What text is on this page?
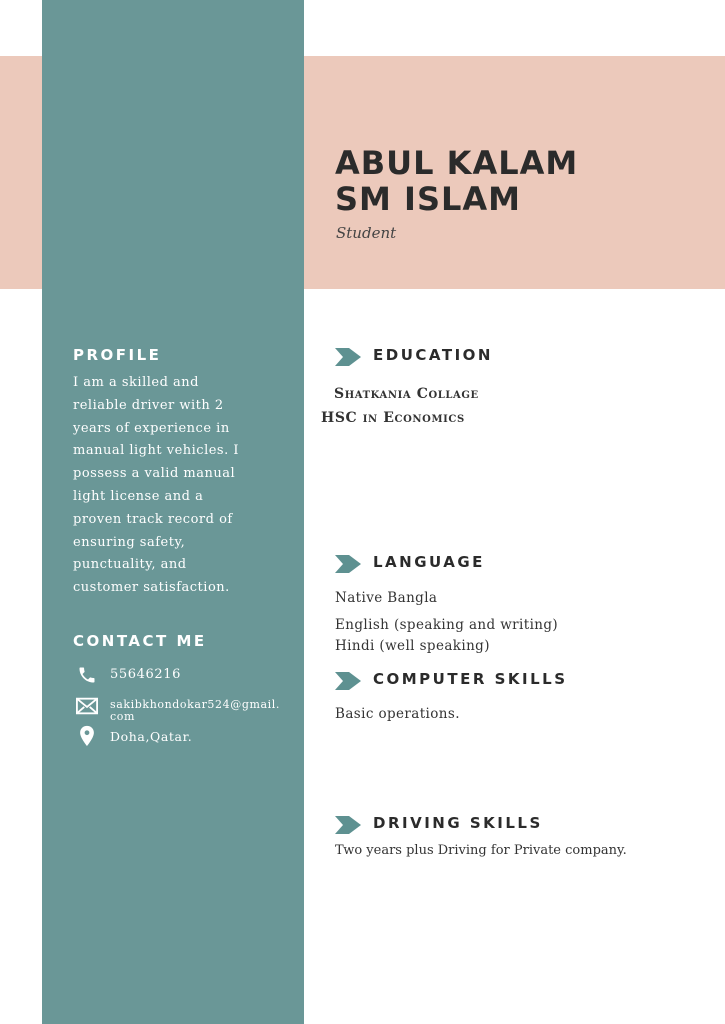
ABUL KALAM
SM ISLAM
Student
PROFILE
I am a skilled and reliable driver with 2 years of experience in manual light vehicles. I possess a valid manual light license and a proven track record of ensuring safety, punctuality, and customer satisfaction.
CONTACT ME
55646216
sakibkhondokar524@gmail.
com
Doha,Qatar.
EDUCATION
Shatkania Collage
HSC in Economics
LANGUAGE
Native Bangla
English (speaking and writing)
Hindi (well speaking)
COMPUTER SKILLS
Basic operations.
DRIVING SKILLS
Two years plus Driving for Private company.
